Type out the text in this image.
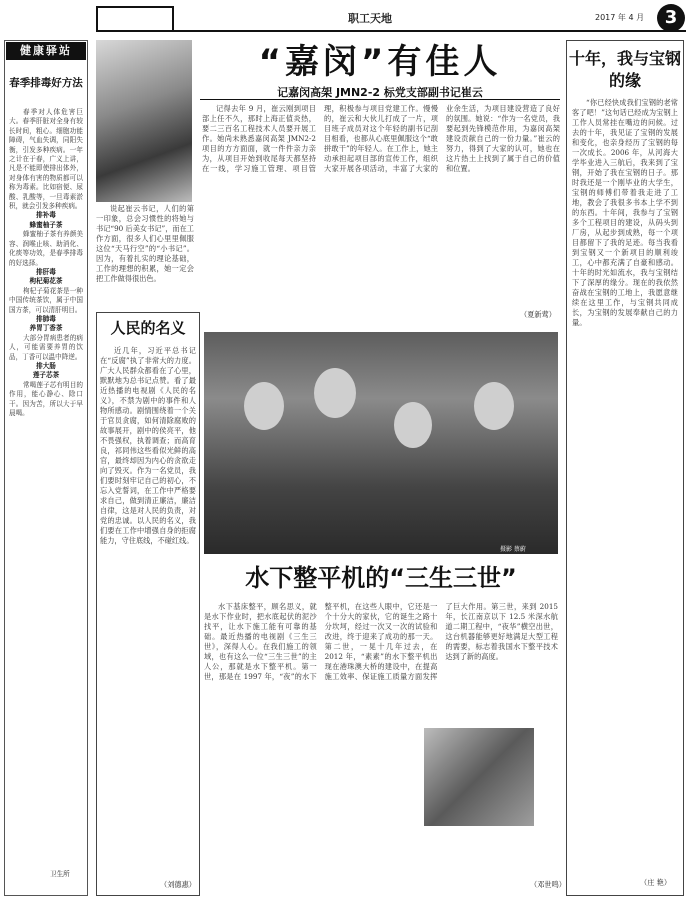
职工天地	2017 年 4 月	3
健康驿站
春季排毒好方法

春季对人体危害巨大。春季肝脏对全身有较长时间，粗心。细胞功能障碍，气血失调，同阳失衡，引发多种疾病。一年之计在于春，广义上讲，凡是不能即使排出体外，对身体有害的物质都可以称为毒素。比如宿便、尿酸、乳酸等，一旦毒素淤积，就会引发多种疾病。

排补毒

蜂蜜柚子茶

蜂蜜柚子茶有养颜美容、润喉止咳、助消化、化痰等功效，是春季排毒的好选择。

排肝毒

枸杞菊花茶

枸杞子菊花茶是一种中国传统茶饮，属于中国国方茶，可以清肝明目。

排肺毒

养胃丁香茶

大部分胃病患者的病人，可能需要养胃的饮品，丁香可以温中降逆。

排大肠

莲子芯茶

常喝莲子芯有明目的作用，能心静心、除口干。因为苦，所以大于早晨喝。

卫生所
“嘉闵”有佳人
记嘉闵高架 JMN2-2 标党支部副书记崔云

说起崔云书记，人们的第一印象，总会习惯性的将她与书记“90 后美女书记”，而在工作方面，很多人们心里里佩服这位“天马行空”的“小书记”。因为，有着扎实的理论基础，工作的理想的积累，她一定会把工作做得很出色。

记得去年 9 月，崔云刚到项目部上任不久，那时上海正值炎热，要二三百名工程技术人员要开展工作。她尚未熟悉嘉闵高架 JMN2-2 项目的方方面面，就一件件亲力亲为，从项目开始到收尾每天都坚持在一线，学习施工管理、项目管理，积极参与项目党建工作。慢慢的，崔云和大伙儿打成了一片，项目班子成员对这个年轻的副书记刮目相看，也都从心底里佩服这个“敢拼敢干”的年轻人。在工作上，她主动承担起项目部的宣传工作，组织大家开展各项活动，丰富了大家的业余生活，为项目建设营造了良好的氛围。她说：“作为一名党员，我要起到先锋模范作用，为嘉闵高架建设贡献自己的一份力量。”崔云的努力，得到了大家的认可，她也在这片热土上找到了属于自己的价值和位置。

（夏新莺）
人民的名义

近几年，习近平总书记在“反腐”执了非常大的力度。广大人民群众都看在了心里，默默地为总书记点赞。看了最近热播的电视剧《人民的名义》，不禁为剧中的事件和人物所感动。剧情围绕着一个关于官员贪腐，如何清除腐败的故事展开，剧中的侯亮平，他不畏强权，执着调查；而高育良，祁同伟这些看似光鲜的高官，最终却因为内心的贪欲走向了毁灭。作为一名党员，我们要时刻牢记自己的初心，不忘入党誓词，在工作中严格要求自己，做到清正廉洁，廉洁自律，这是对人民的负责，对党的忠诚。以人民的名义，我们要在工作中增强自身的拒腐能力，守住底线，不碰红线。

（刘德惠）
摄影 蔡蔚
水下整平机的“三生三世”

水下基床整平，顾名思义，就是水下作业时，把水底起伏的泥沙找平，让水下施工能有可靠的基础。最近热播的电视剧《三生三世》，深得人心。在我们施工的领域，也有这么一位“三生三世”的主人公，那就是水下整平机。第一世，那是在 1997 年，“夜”的水下整平机，在这些人眼中，它还是一个十分大的家伙，它的诞生之路十分坎坷，经过一次又一次的试验和改进，终于迎来了成功的那一天。第二世，一晃十几年过去，在 2012 年，“素素”的水下整平机出现在港珠澳大桥的建设中，在提高施工效率、保证施工质量方面发挥了巨大作用。第三世，来到 2015 年，长江南京以下 12.5 米深水航道二期工程中，“夜华”横空出世，这台机器能够更好地满足大型工程的需要，标志着我国水下整平技术达到了新的高度。

（邓世鸣）
十年，我与宝钢的缘

“你已经快成我们宝钢的老常客了吧！”这句话已经成为宝钢上工作人员常挂在嘴边的问候。过去的十年，我见证了宝钢的发展和变化，也亲身经历了宝钢的每一次成长。2006 年，从河海大学毕业进入三航后，我来到了宝钢，开始了我在宝钢的日子。那时我还是一个刚毕业的大学生，宝钢的师傅们带着我走进了工地，教会了我很多书本上学不到的东西。十年间，我参与了宝钢多个工程项目的建设，从码头到厂房，从起步到成熟，每一个项目都留下了我的足迹。每当我看到宝钢又一个新项目的顺利竣工，心中都充满了自豪和感动。十年的时光如流水，我与宝钢结下了深厚的缘分。现在的我依然奋战在宝钢的工地上，我愿意继续在这里工作，与宝钢共同成长，为宝钢的发展奉献自己的力量。

（庄 艳）
